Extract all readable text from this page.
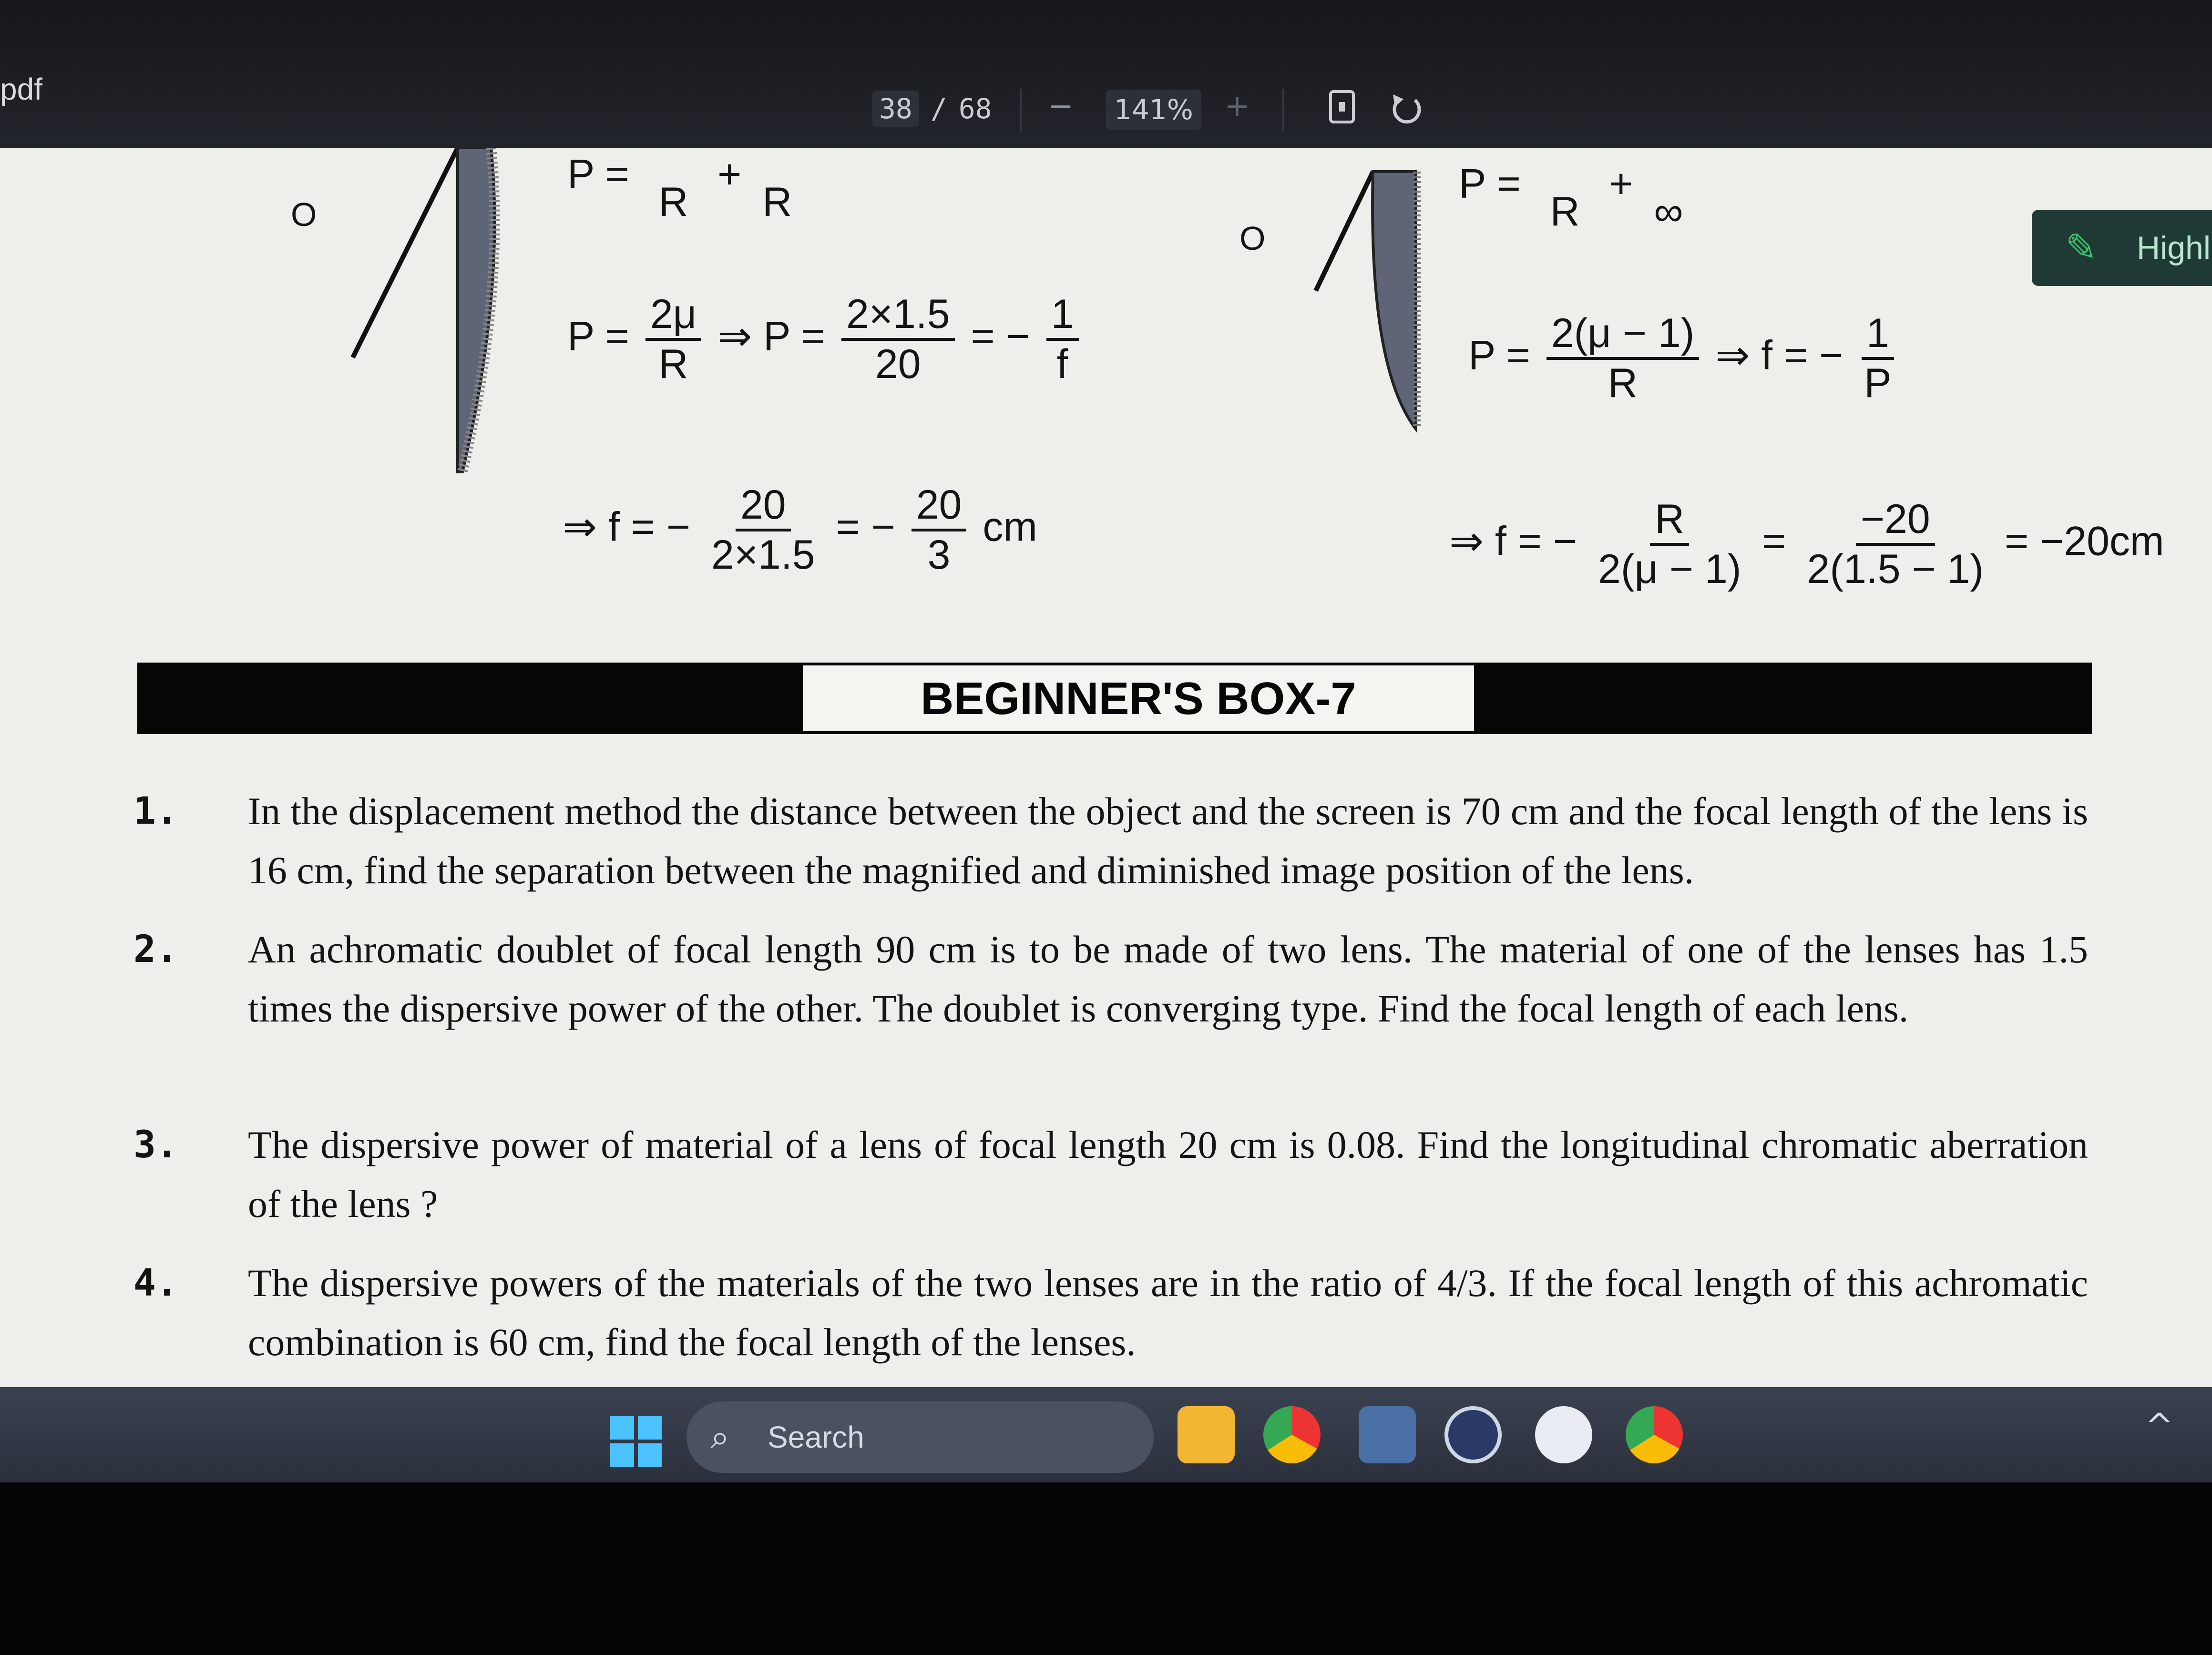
pdf
38 / 68 − 141% +
O
O
P =
R
+
R
$P = \frac{2\mu}{R}$ ⇒ $P = \frac{2\times 1.5}{20}$ = − $\frac{1}{f}$
⇒ f = − $\frac{20}{2\times 1.5}$ = − $\frac{20}{3}$ cm
P =
R
+
∞
$P = \frac{2(\mu - 1)}{R}$ ⇒ f = − $\frac{1}{P}$
⇒ f = − $\frac{R}{2(\mu - 1)} = \frac{-20}{2(1.5 - 1)} = -20cm$
✎ Highl
BEGINNER'S BOX-7
1. In the displacement method the distance between the object and the screen is 70 cm and the focal length of the lens is 16 cm, find the separation between the magnified and diminished image position of the lens.
2. An achromatic doublet of focal length 90 cm is to be made of two lens. The material of one of the lenses has 1.5 times the dispersive power of the other. The doublet is converging type. Find the focal length of each lens.
3. The dispersive power of material of a lens of focal length 20 cm is 0.08. Find the longitudinal chromatic aberration of the lens ?
4. The dispersive powers of the materials of the two lenses are in the ratio of 4/3. If the focal length of this achromatic combination is 60 cm, find the focal length of the lenses.
⌕ Search	^
